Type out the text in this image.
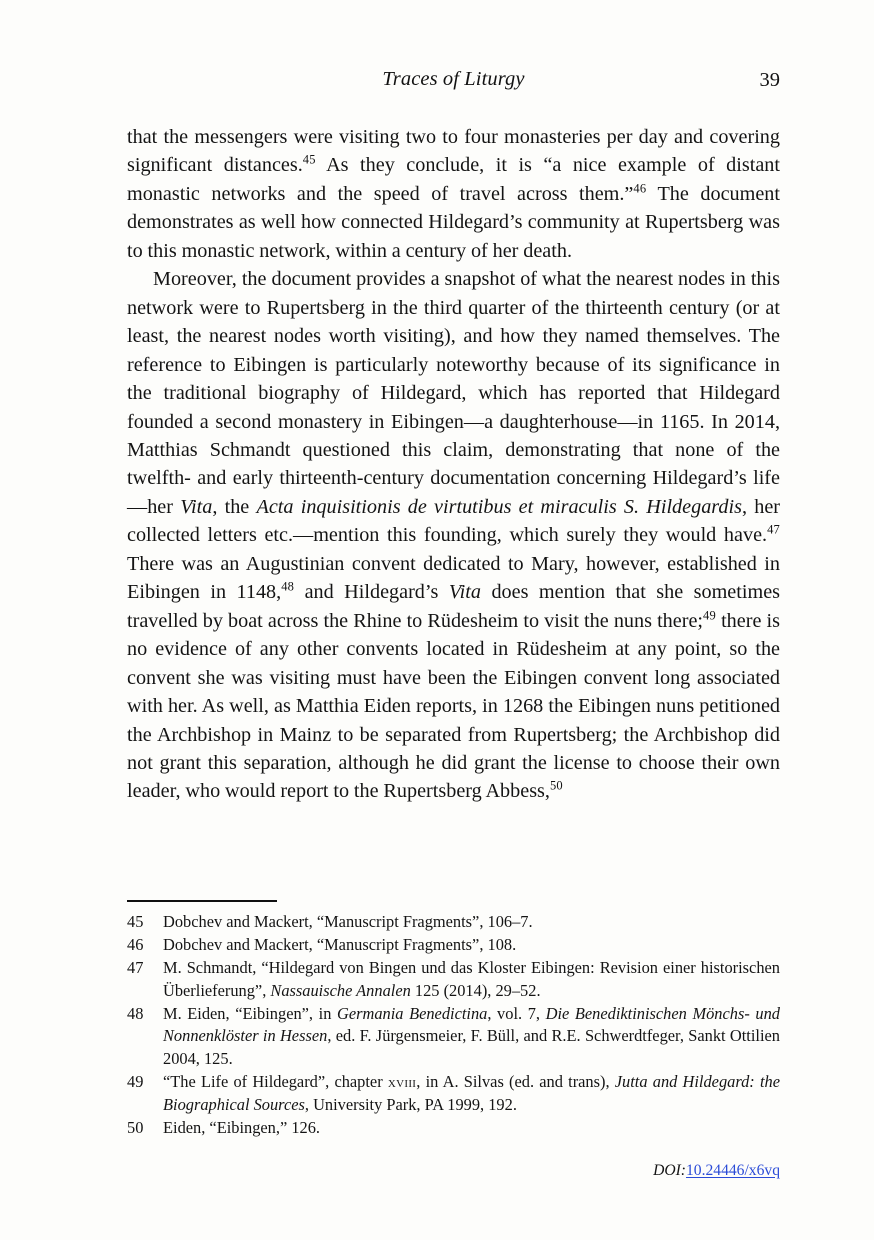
Traces of Liturgy	39

that the messengers were visiting two to four monasteries per day and covering significant distances.$^{45}$ As they conclude, it is “a nice example of distant monastic networks and the speed of travel across them.”$^{46}$ The document demonstrates as well how connected Hildegard’s community at Rupertsberg was to this monastic network, within a century of her death.

Moreover, the document provides a snapshot of what the nearest nodes in this network were to Rupertsberg in the third quarter of the thirteenth century (or at least, the nearest nodes worth visiting), and how they named themselves. The reference to Eibingen is particularly noteworthy because of its significance in the traditional biography of Hildegard, which has reported that Hildegard founded a second monastery in Eibingen—a daughterhouse—in 1165. In 2014, Matthias Schmandt questioned this claim, demonstrating that none of the twelfth- and early thirteenth-century documentation concerning Hildegard’s life—her Vita, the Acta inquisitionis de virtutibus et miraculis S. Hildegardis, her collected letters etc.—mention this founding, which surely they would have.$^{47}$ There was an Augustinian convent dedicated to Mary, however, established in Eibingen in 1148,48 and Hildegard’s Vita does mention that she sometimes travelled by boat across the Rhine to Rüdesheim to visit the nuns there;$^{49}$ there is no evidence of any other convents located in Rüdesheim at any point, so the convent she was visiting must have been the Eibingen convent long associated with her. As well, as Matthia Eiden reports, in 1268 the Eibingen nuns petitioned the Archbishop in Mainz to be separated from Rupertsberg; the Archbishop did not grant this separation, although he did grant the license to choose their own leader, who would report to the Rupertsberg Abbess,$^{50}$

45	Dobchev and Mackert, “Manuscript Fragments”, 106–7.
46	Dobchev and Mackert, “Manuscript Fragments”, 108.
47	M. Schmandt, “Hildegard von Bingen und das Kloster Eibingen: Revision einer historischen Überlieferung”, Nassauische Annalen 125 (2014), 29–52.
48	M. Eiden, “Eibingen”, in Germania Benedictina, vol. 7, Die Benediktinischen Mönchs- und Nonnenklöster in Hessen, ed. F. Jürgensmeier, F. Büll, and R.E. Schwerdtfeger, Sankt Ottilien 2004, 125.
49	“The Life of Hildegard”, chapter xviii, in A. Silvas (ed. and trans), Jutta and Hildegard: the Biographical Sources, University Park, PA 1999, 192.
50	Eiden, “Eibingen,” 126.
DOI:10.24446/x6vq
